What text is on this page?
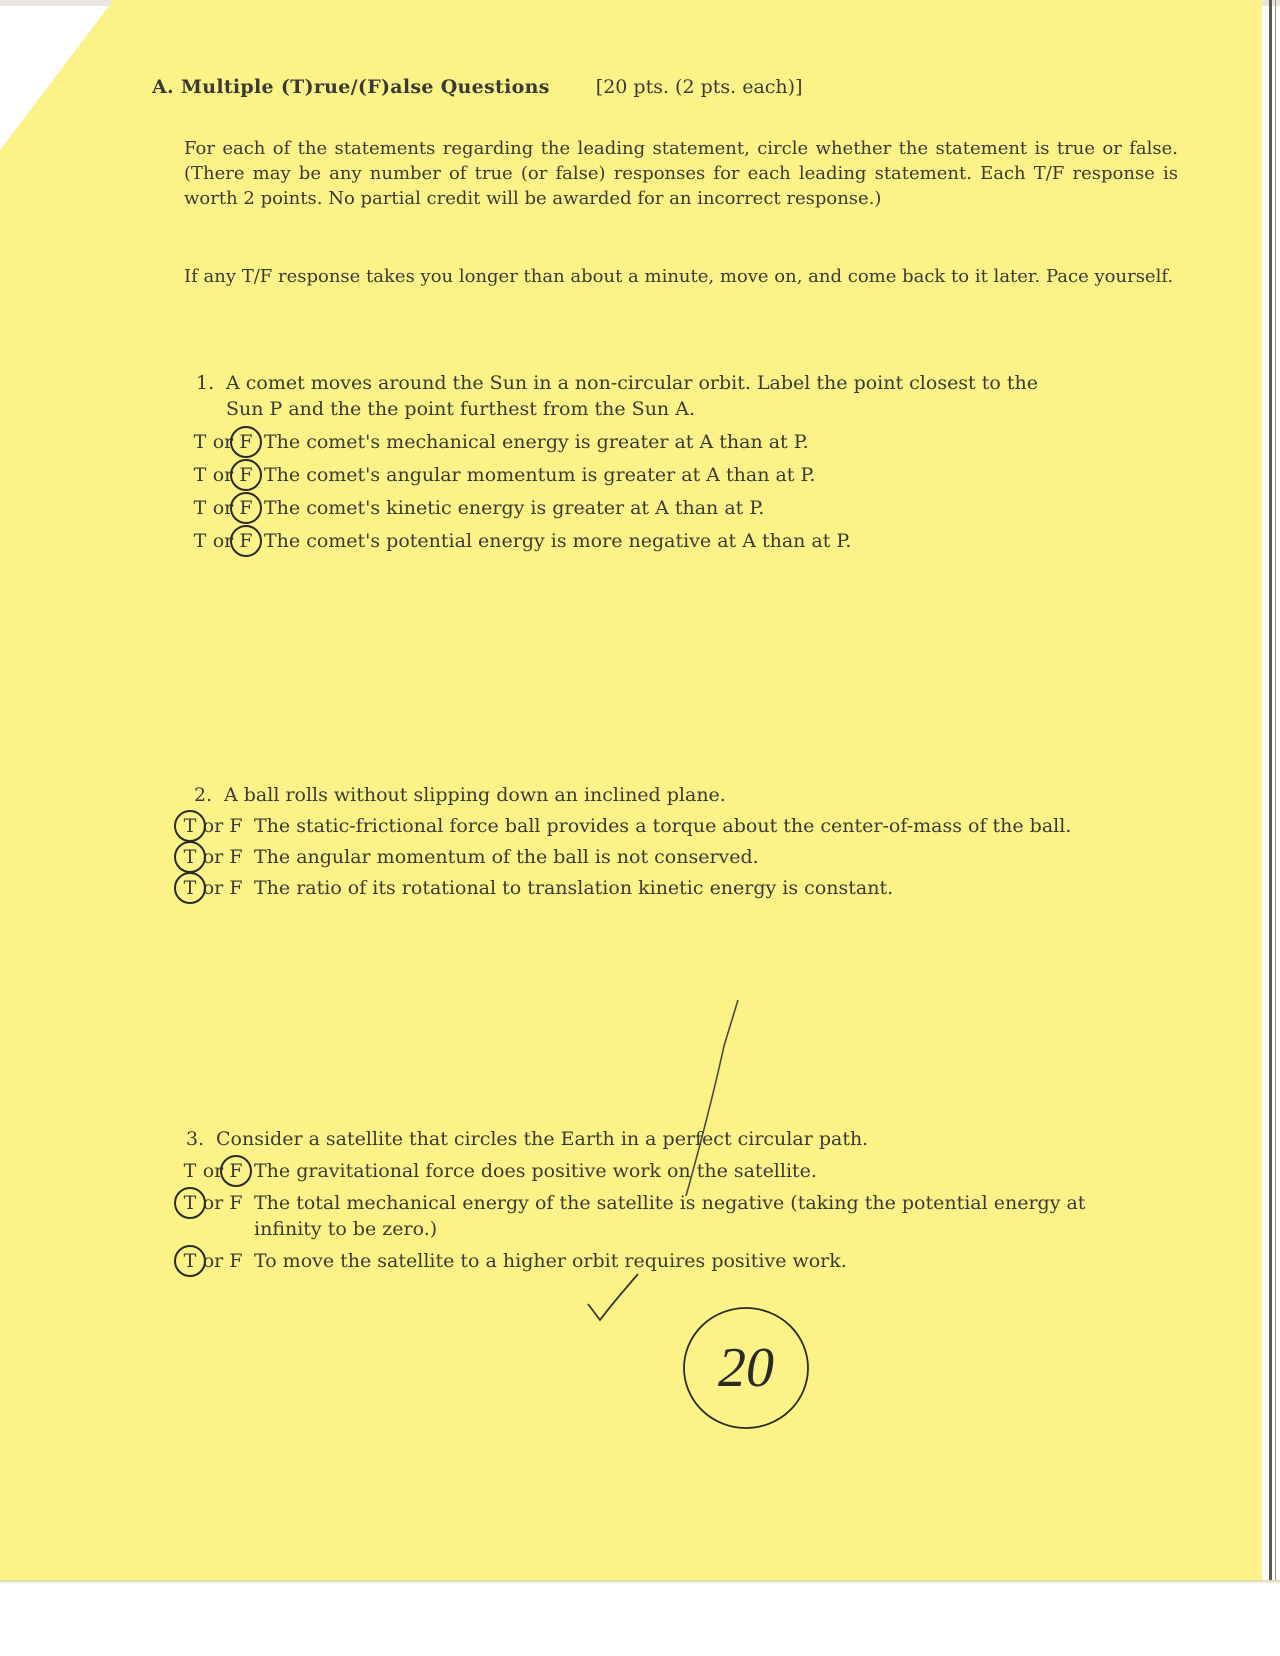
A. Multiple (T)rue/(F)alse Questions [20 pts. (2 pts. each)]
For each of the statements regarding the leading statement, circle whether the statement is true or false. (There may be any number of true (or false) responses for each leading statement. Each T/F response is worth 2 points. No partial credit will be awarded for an incorrect response.)
If any T/F response takes you longer than about a minute, move on, and come back to it later. Pace yourself.
1. A comet moves around the Sun in a non-circular orbit. Label the point closest to the
Sun P and the the point furthest from the Sun A.
T or F The comet's mechanical energy is greater at A than at P.
T or F The comet's angular momentum is greater at A than at P.
T or F The comet's kinetic energy is greater at A than at P.
T or F The comet's potential energy is more negative at A than at P.
2. A ball rolls without slipping down an inclined plane.
T or F The static-frictional force ball provides a torque about the center-of-mass of the ball.
T or F The angular momentum of the ball is not conserved.
T or F The ratio of its rotational to translation kinetic energy is constant.
3. Consider a satellite that circles the Earth in a perfect circular path.
T or F The gravitational force does positive work on the satellite.
T or F The total mechanical energy of the satellite is negative (taking the potential energy at infinity to be zero.)
T or F To move the satellite to a higher orbit requires positive work.
20
